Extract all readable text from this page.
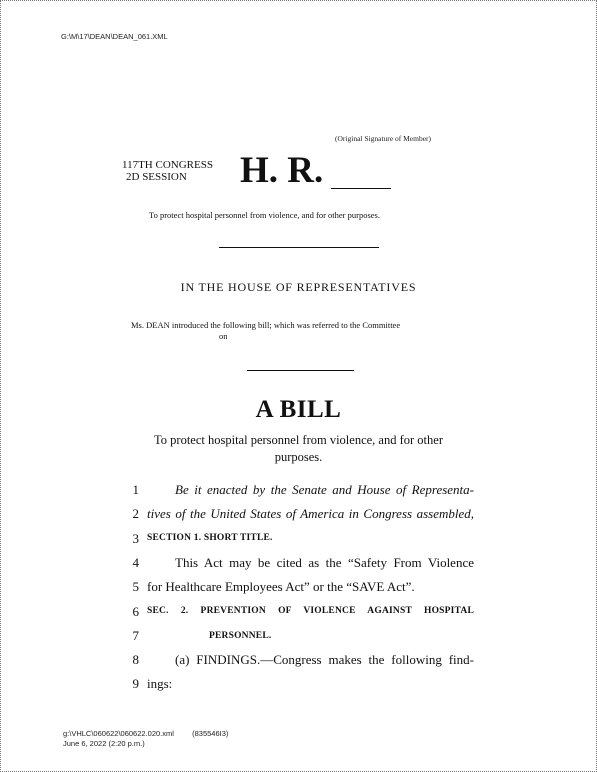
G:\M\17\DEAN\DEAN_061.XML
(Original Signature of Member)
117TH CONGRESS
2D SESSION	H. R.
To protect hospital personnel from violence, and for other purposes.
IN THE HOUSE OF REPRESENTATIVES
Ms. DEAN introduced the following bill; which was referred to the Committee
on
A BILL
To protect hospital personnel from violence, and for other
purposes.
1	Be it enacted by the Senate and House of Representa-
2 tives of the United States of America in Congress assembled,
3 SECTION 1. SHORT TITLE.
4	This Act may be cited as the “Safety From Violence
5 for Healthcare Employees Act” or the “SAVE Act”.
6 SEC. 2. PREVENTION OF VIOLENCE AGAINST HOSPITAL
7	PERSONNEL.
8	(a) FINDINGS.—Congress makes the following find-
9 ings:
g:\VHLC\060622\060622.020.xml (835546I3)
June 6, 2022 (2:20 p.m.)
